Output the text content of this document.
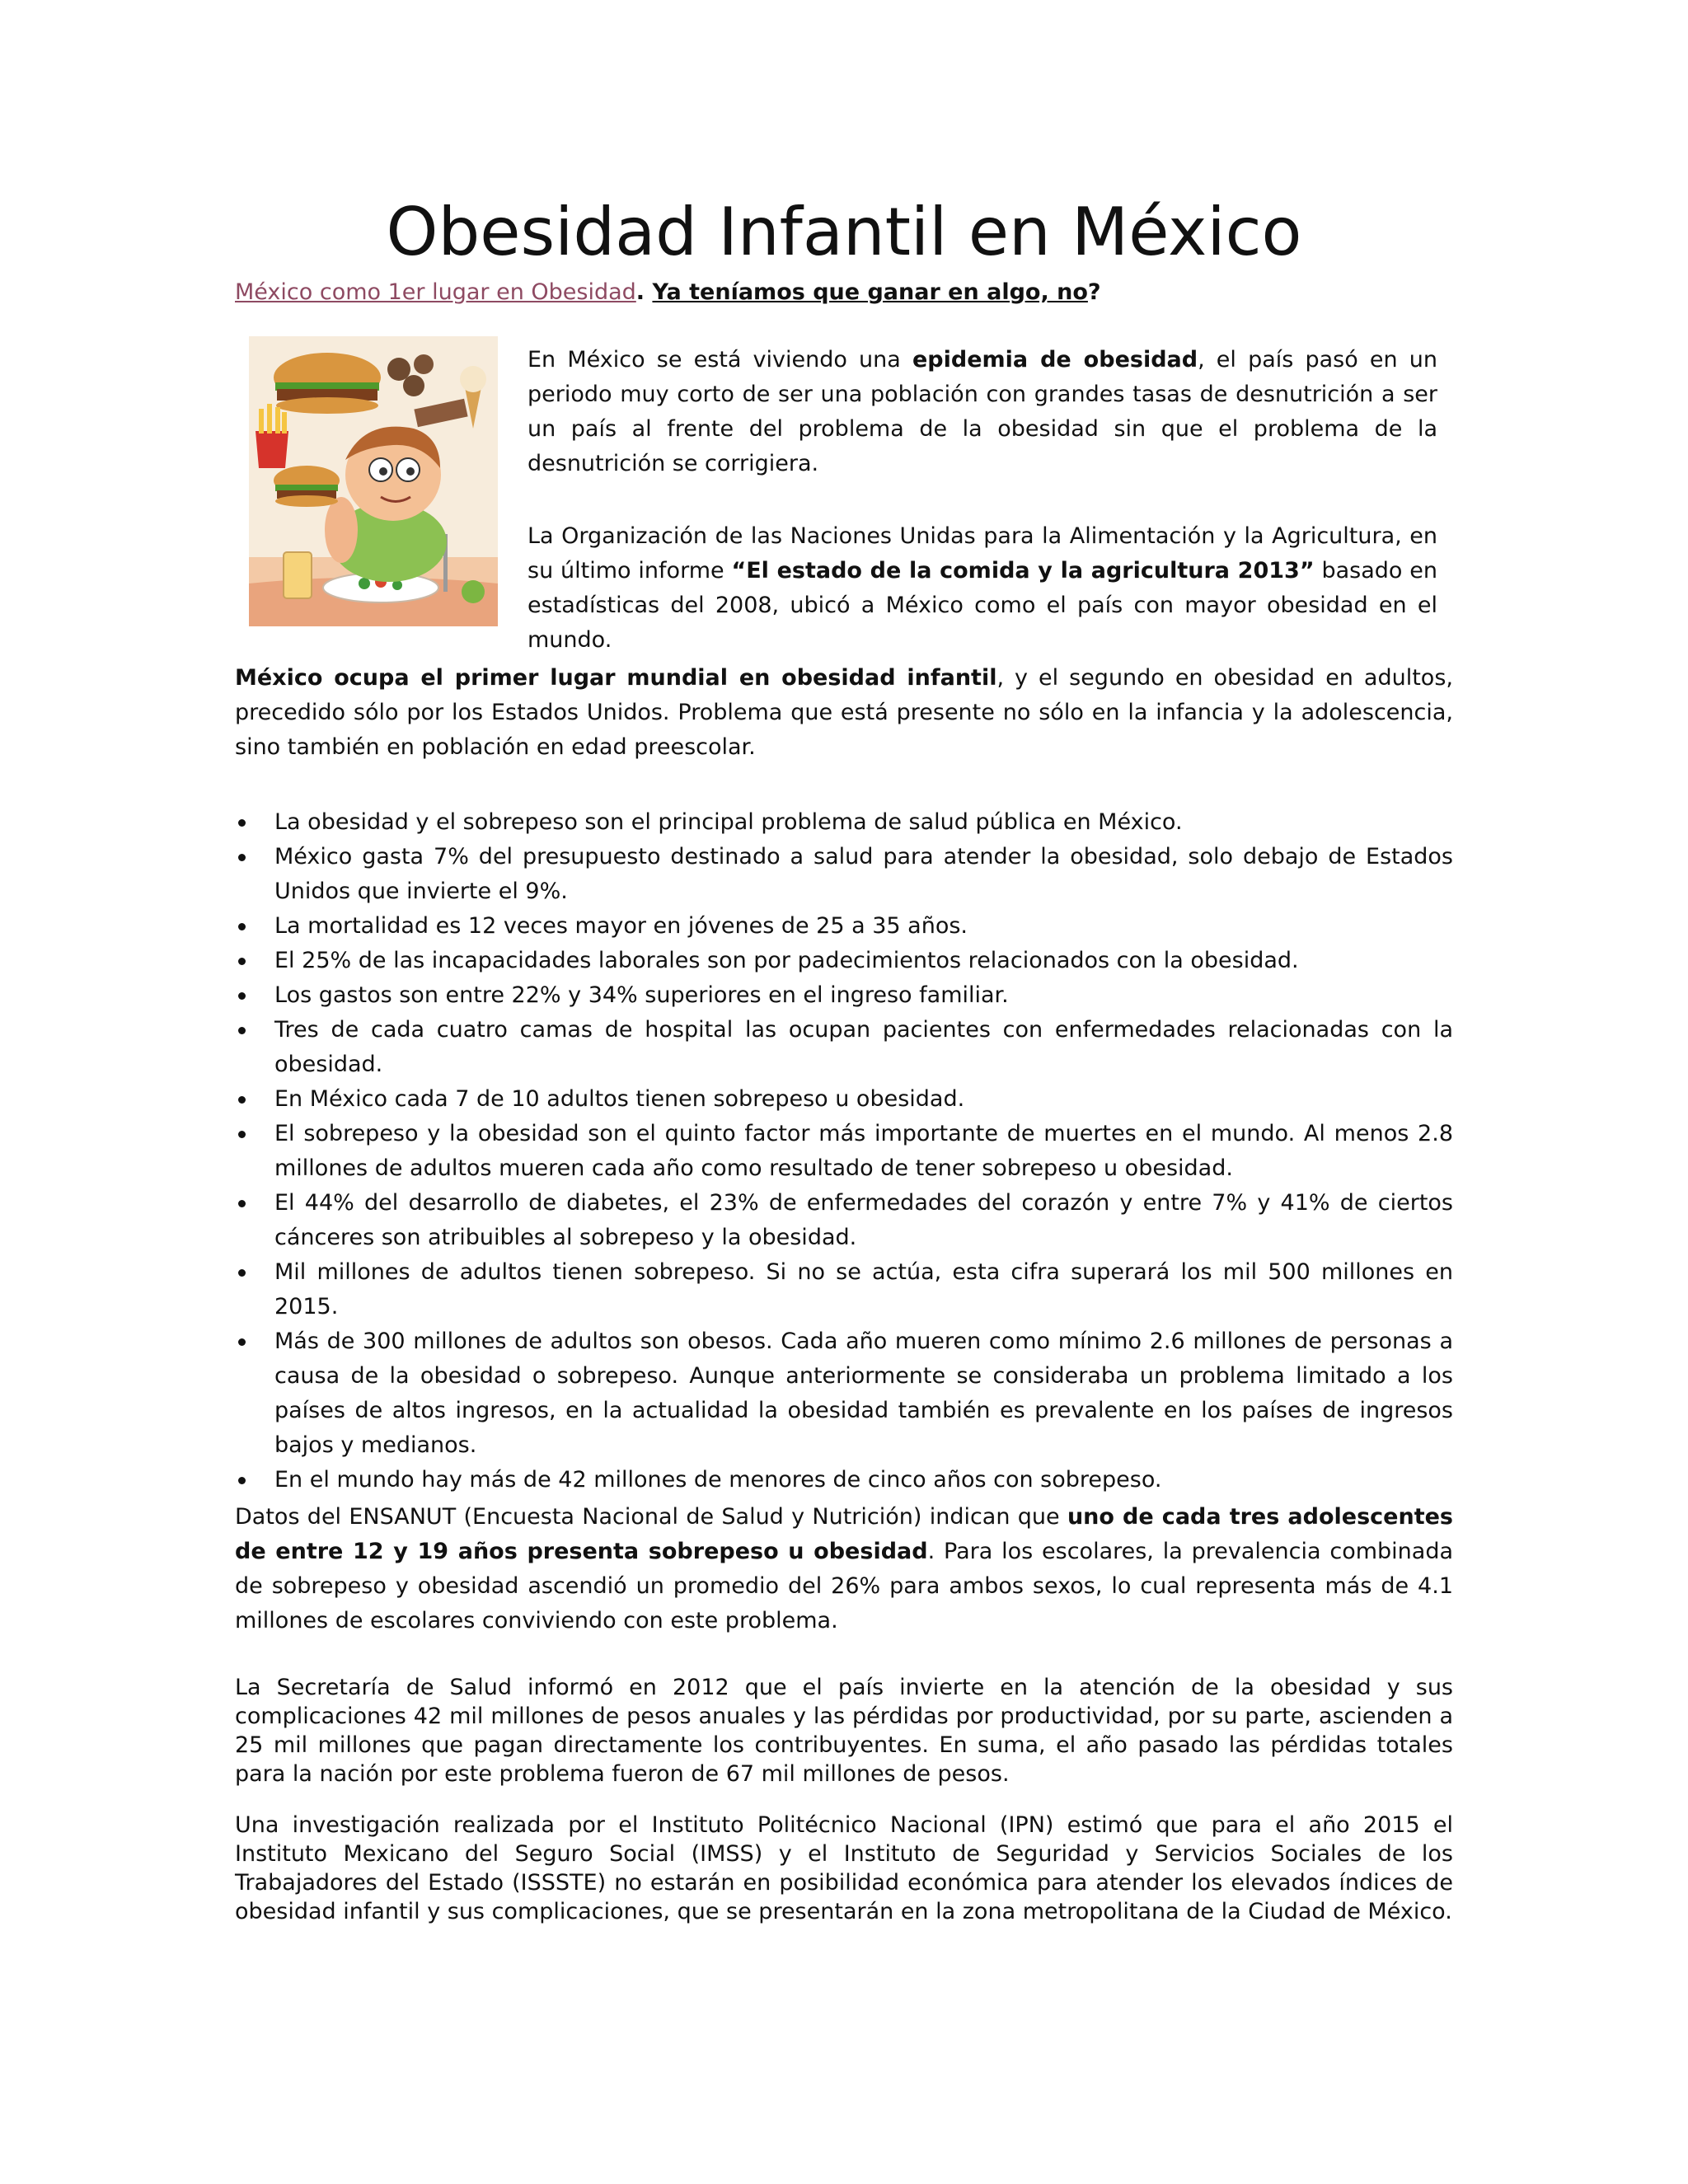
Obesidad Infantil en México
México como 1er lugar en Obesidad. Ya teníamos que ganar en algo, no?

En México se está viviendo una epidemia de obesidad, el país pasó en un periodo muy corto de ser una población con grandes tasas de desnutrición a ser un país al frente del problema de la obesidad sin que el problema de la desnutrición se corrigiera.

La Organización de las Naciones Unidas para la Alimentación y la Agricultura, en su último informe “El estado de la comida y la agricultura 2013” basado en estadísticas del 2008, ubicó a México como el país con mayor obesidad en el mundo.

México ocupa el primer lugar mundial en obesidad infantil, y el segundo en obesidad en adultos, precedido sólo por los Estados Unidos. Problema que está presente no sólo en la infancia y la adolescencia, sino también en población en edad preescolar.

La obesidad y el sobrepeso son el principal problema de salud pública en México.
México gasta 7% del presupuesto destinado a salud para atender la obesidad, solo debajo de Estados Unidos que invierte el 9%.
La mortalidad es 12 veces mayor en jóvenes de 25 a 35 años.
El 25% de las incapacidades laborales son por padecimientos relacionados con la obesidad.
Los gastos son entre 22% y 34% superiores en el ingreso familiar.
Tres de cada cuatro camas de hospital las ocupan pacientes con enfermedades relacionadas con la obesidad.
En México cada 7 de 10 adultos tienen sobrepeso u obesidad.
El sobrepeso y la obesidad son el quinto factor más importante de muertes en el mundo. Al menos 2.8 millones de adultos mueren cada año como resultado de tener sobrepeso u obesidad.
El 44% del desarrollo de diabetes, el 23% de enfermedades del corazón y entre 7% y 41% de ciertos cánceres son atribuibles al sobrepeso y la obesidad.
Mil millones de adultos tienen sobrepeso. Si no se actúa, esta cifra superará los mil 500 millones en 2015.
Más de 300 millones de adultos son obesos. Cada año mueren como mínimo 2.6 millones de personas a causa de la obesidad o sobrepeso. Aunque anteriormente se consideraba un problema limitado a los países de altos ingresos, en la actualidad la obesidad también es prevalente en los países de ingresos bajos y medianos.
En el mundo hay más de 42 millones de menores de cinco años con sobrepeso.

Datos del ENSANUT (Encuesta Nacional de Salud y Nutrición) indican que uno de cada tres adolescentes de entre 12 y 19 años presenta sobrepeso u obesidad. Para los escolares, la prevalencia combinada de sobrepeso y obesidad ascendió un promedio del 26% para ambos sexos, lo cual representa más de 4.1 millones de escolares conviviendo con este problema.

La Secretaría de Salud informó en 2012 que el país invierte en la atención de la obesidad y sus complicaciones 42 mil millones de pesos anuales y las pérdidas por productividad, por su parte, ascienden a 25 mil millones que pagan directamente los contribuyentes. En suma, el año pasado las pérdidas totales para la nación por este problema fueron de 67 mil millones de pesos.

Una investigación realizada por el Instituto Politécnico Nacional (IPN) estimó que para el año 2015 el Instituto Mexicano del Seguro Social (IMSS) y el Instituto de Seguridad y Servicios Sociales de los Trabajadores del Estado (ISSSTE) no estarán en posibilidad económica para atender los elevados índices de obesidad infantil y sus complicaciones, que se presentarán en la zona metropolitana de la Ciudad de México.
